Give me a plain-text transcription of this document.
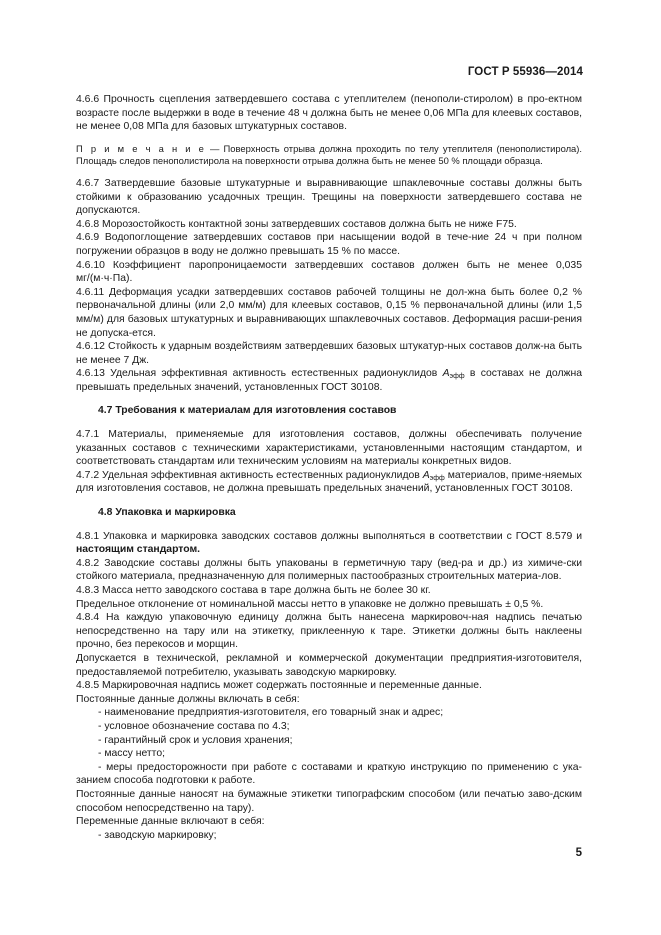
ГОСТ Р 55936—2014

4.6.6 Прочность сцепления затвердевшего состава с утеплителем (пенополи-стиролом) в про-ектном возрасте после выдержки в воде в течение 48 ч должна быть не менее 0,06 МПа для клеевых составов, не менее 0,08 МПа для базовых штукатурных составов.

П р и м е ч а н и е — Поверхность отрыва должна проходить по телу утеплителя (пенополистирола). Площадь следов пенополистирола на поверхности отрыва должна быть не менее 50 % площади образца.

4.6.7 Затвердевшие базовые штукатурные и выравнивающие шпаклевочные составы должны быть стойкими к образованию усадочных трещин. Трещины на поверхности затвердевшего состава не допускаются.

4.6.8 Морозостойкость контактной зоны затвердевших составов должна быть не ниже F75.

4.6.9 Водопоглощение затвердевших составов при насыщении водой в тече-ние 24 ч при полном погружении образцов в воду не должно превышать 15 % по массе.

4.6.10 Коэффициент паропроницаемости затвердевших составов должен быть не менее 0,035 мг/(м·ч·Па).

4.6.11 Деформация усадки затвердевших составов рабочей толщины не дол-жна быть более 0,2 % первоначальной длины (или 2,0 мм/м) для клеевых составов, 0,15 % первоначальной длины (или 1,5 мм/м) для базовых штукатурных и выравнивающих шпаклевочных составов. Деформация расши-рения не допуска-ется.

4.6.12 Стойкость к ударным воздействиям затвердевших базовых штукатур-ных составов долж-на быть не менее 7 Дж.

4.6.13 Удельная эффективная активность естественных радионуклидов $A_{эфф}$ в составах не должна превышать предельных значений, установленных ГОСТ 30108.

4.7 Требования к материалам для изготовления составов

4.7.1 Материалы, применяемые для изготовления составов, должны обеспечивать получение указанных составов с техническими характеристиками, установленными настоящим стандартом, и соответствовать стандартам или техническим условиям на материалы конкретных видов.

4.7.2 Удельная эффективная активность естественных радионуклидов $A_{эфф}$ материалов, приме-няемых для изготовления составов, не должна превышать предельных значений, установленных ГОСТ 30108.

4.8 Упаковка и маркировка

4.8.1 Упаковка и маркировка заводских составов должны выполняться в соответствии с ГОСТ 8.579 и настоящим стандартом.

4.8.2 Заводские составы должны быть упакованы в герметичную тару (вед-ра и др.) из химиче-ски стойкого материала, предназначенную для полимерных пастообразных строительных материа-лов.

4.8.3 Масса нетто заводского состава в таре должна быть не более 30 кг.

Предельное отклонение от номинальной массы нетто в упаковке не должно превышать ± 0,5 %.

4.8.4 На каждую упаковочную единицу должна быть нанесена маркировоч-ная надпись печатью непосредственно на тару или на этикетку, приклеенную к таре. Этикетки должны быть наклеены прочно, без перекосов и морщин.

Допускается в технической, рекламной и коммерческой документации предприятия-изготовителя, предоставляемой потребителю, указывать заводскую маркировку.

4.8.5 Маркировочная надпись может содержать постоянные и переменные данные.

Постоянные данные должны включать в себя:

- наименование предприятия-изготовителя, его товарный знак и адрес;

- условное обозначение состава по 4.3;

- гарантийный срок и условия хранения;

- массу нетто;

- меры предосторожности при работе с составами и краткую инструкцию по применению с ука-занием способа подготовки к работе.

Постоянные данные наносят на бумажные этикетки типографским способом (или печатью заво-дским способом непосредственно на тару).

Переменные данные включают в себя:

- заводскую маркировку;

5
